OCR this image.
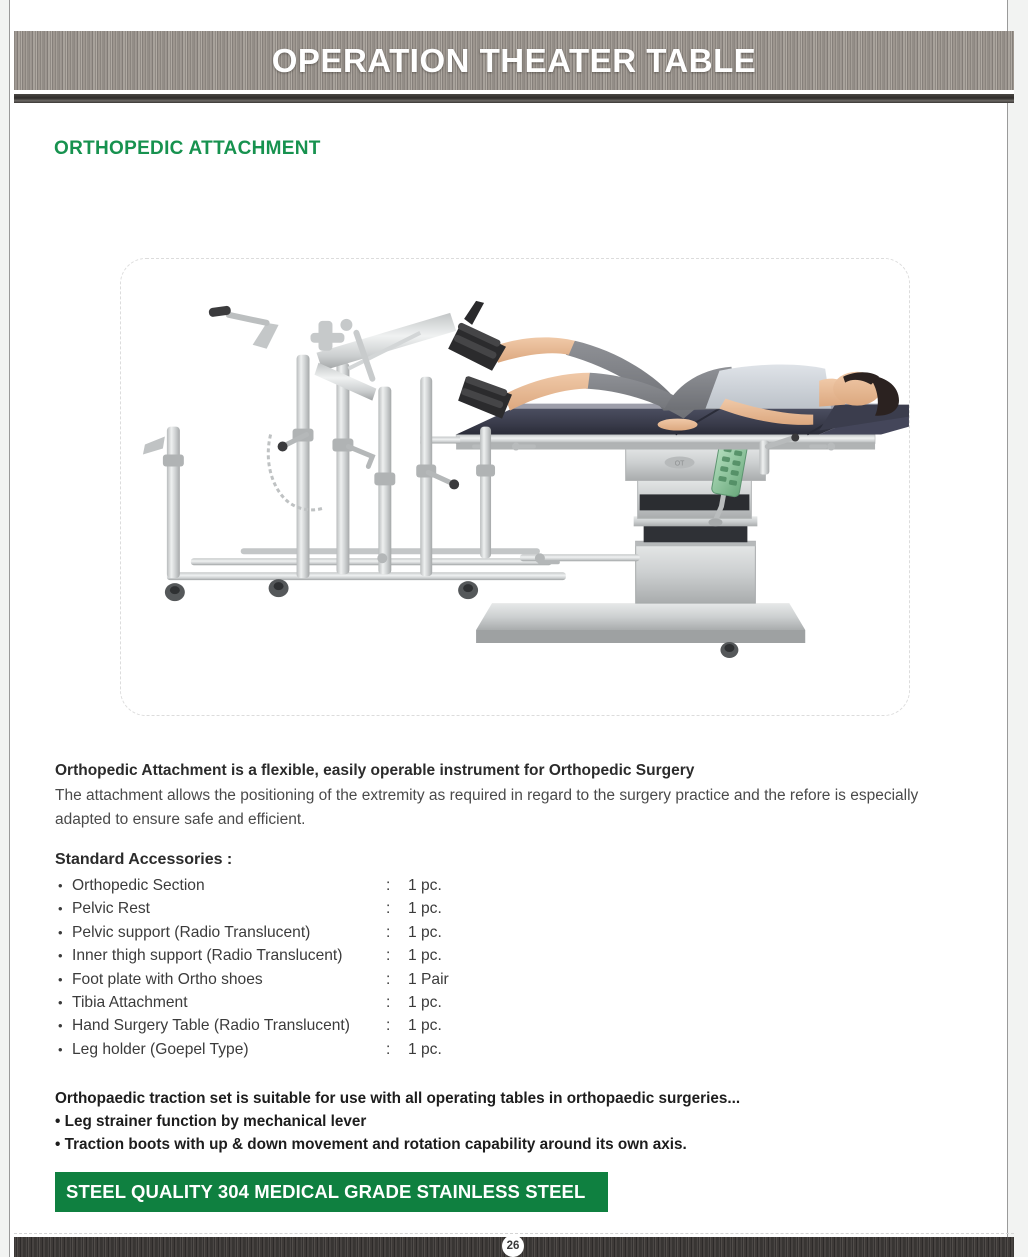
OPERATION THEATER TABLE
ORTHOPEDIC ATTACHMENT
OT

Orthopedic Attachment is a flexible, easily operable instrument for Orthopedic Surgery

The attachment allows the positioning of the extremity as required in regard to the surgery practice and the refore is especially adapted to ensure safe and efficient.

Standard Accessories :
• Orthopedic Section	:	1 pc.
• Pelvic Rest	:	1 pc.
• Pelvic support (Radio Translucent)	:	1 pc.
• Inner thigh support (Radio Translucent)	:	1 pc.
• Foot plate with Ortho shoes	:	1 Pair
• Tibia Attachment	:	1 pc.
• Hand Surgery Table (Radio Translucent)	:	1 pc.
• Leg holder (Goepel Type)	:	1 pc.

Orthopaedic traction set is suitable for use with all operating tables in orthopaedic surgeries...

• Leg strainer function by mechanical lever

• Traction boots with up & down movement and rotation capability around its own axis.

STEEL QUALITY 304 MEDICAL GRADE STAINLESS STEEL
26
